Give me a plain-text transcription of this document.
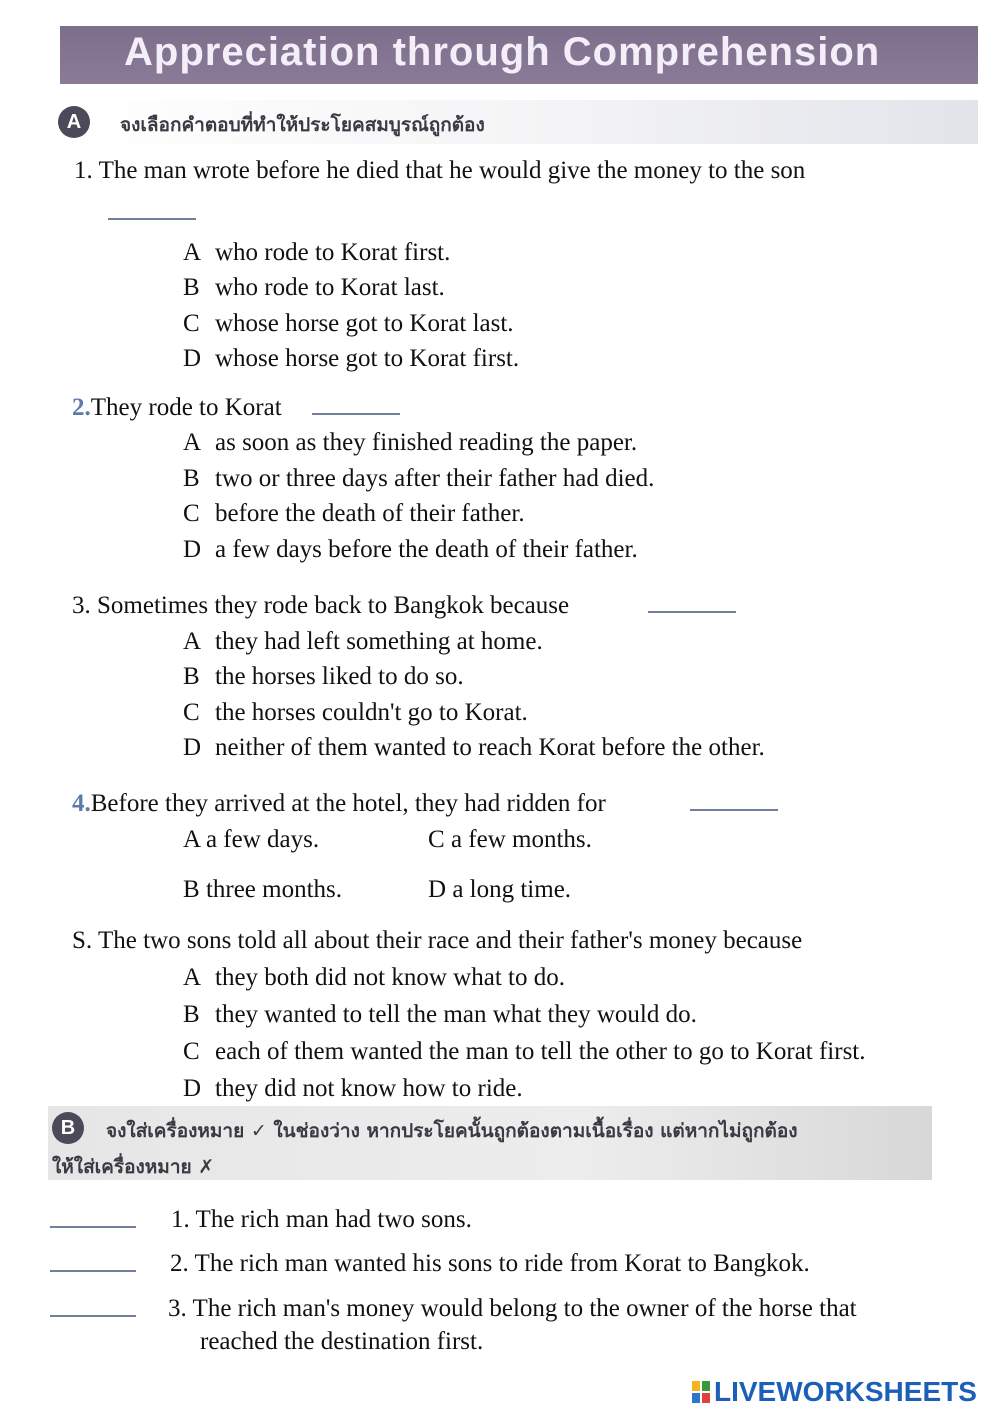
Appreciation through Comprehension
A	จงเลือกคำตอบที่ทำให้ประโยคสมบูรณ์ถูกต้อง
1. The man wrote before he died that he would give the money to the son
A who rode to Korat first.
B who rode to Korat last.
C whose horse got to Korat last.
D whose horse got to Korat first.
2.They rode to Korat
A as soon as they finished reading the paper.
B two or three days after their father had died.
C before the death of their father.
D a few days before the death of their father.
3. Sometimes they rode back to Bangkok because
A they had left something at home.
B the horses liked to do so.
C the horses couldn't go to Korat.
D neither of them wanted to reach Korat before the other.
4.Before they arrived at the hotel, they had ridden for
A a few days.	C a few months.
B three months.	D a long time.
S. The two sons told all about their race and their father's money because
A they both did not know what to do.
B they wanted to tell the man what they would do.
C each of them wanted the man to tell the other to go to Korat first.
D they did not know how to ride.
B	จงใส่เครื่องหมาย ✓ ในช่องว่าง หากประโยคนั้นถูกต้องตามเนื้อเรื่อง แต่หากไม่ถูกต้อง
ให้ใส่เครื่องหมาย ✗
1. The rich man had two sons.
2. The rich man wanted his sons to ride from Korat to Bangkok.
3. The rich man's money would belong to the owner of the horse that
reached the destination first.
LIVEWORKSHEETS
